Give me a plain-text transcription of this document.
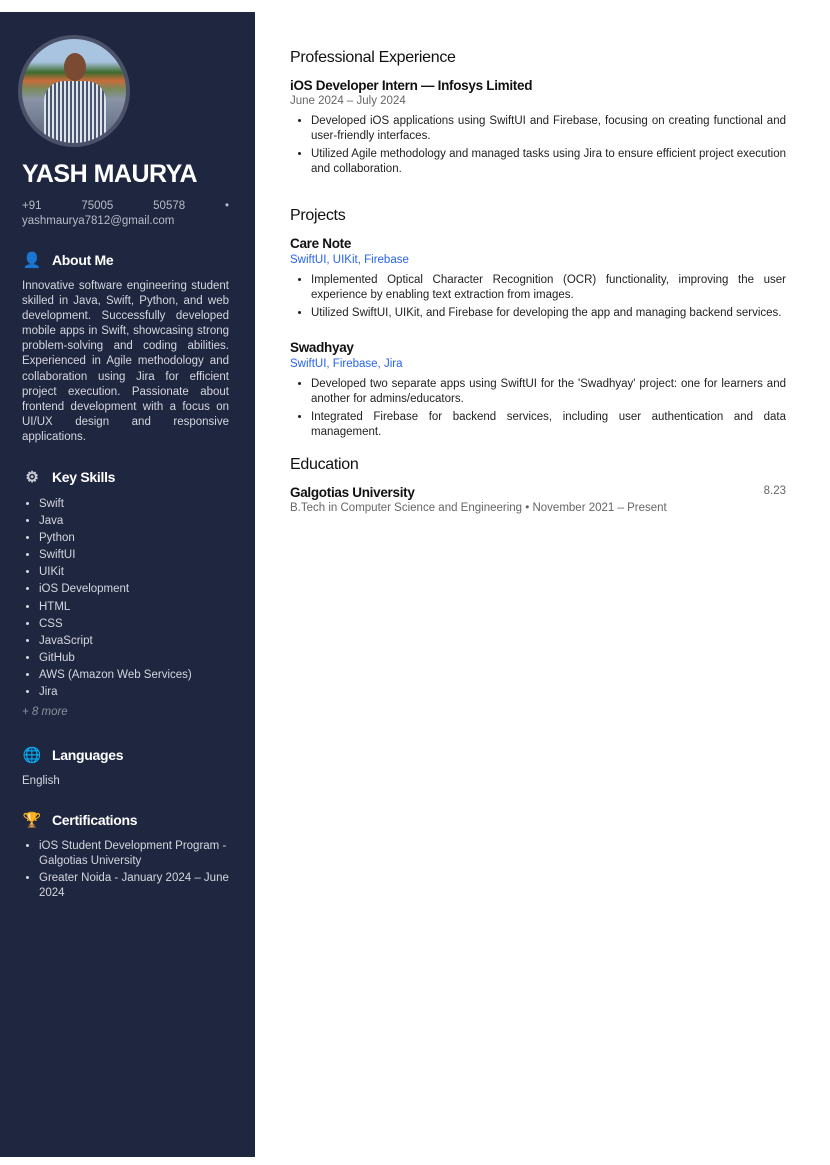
YASH MAURYA
+91	75005	50578	•
yashmaurya7812@gmail.com
👤 About Me

Innovative software engineering student skilled in Java, Swift, Python, and web development. Successfully developed mobile apps in Swift, showcasing strong problem-solving and coding abilities. Experienced in Agile methodology and collaboration using Jira for efficient project execution. Passionate about frontend development with a focus on UI/UX design and responsive applications.

⚙ Key Skills
• Swift
• Java
• Python
• SwiftUI
• UIKit
• iOS Development
• HTML
• CSS
• JavaScript
• GitHub
• AWS (Amazon Web Services)
• Jira
+ 8 more
🌐 Languages

English

🏆 Certifications
• iOS Student Development Program - Galgotias University
• Greater Noida - January 2024 – June 2024
Professional Experience
iOS Developer Intern — Infosys Limited
June 2024 – July 2024
• Developed iOS applications using SwiftUI and Firebase, focusing on creating functional and user-friendly interfaces.
• Utilized Agile methodology and managed tasks using Jira to ensure efficient project execution and collaboration.
Projects
Care Note
SwiftUI, UIKit, Firebase
• Implemented Optical Character Recognition (OCR) functionality, improving the user experience by enabling text extraction from images.
• Utilized SwiftUI, UIKit, and Firebase for developing the app and managing backend services.
Swadhyay
SwiftUI, Firebase, Jira
• Developed two separate apps using SwiftUI for the 'Swadhyay' project: one for learners and another for admins/educators.
• Integrated Firebase for backend services, including user authentication and data management.
Education
Galgotias University	8.23
B.Tech in Computer Science and Engineering • November 2021 – Present
